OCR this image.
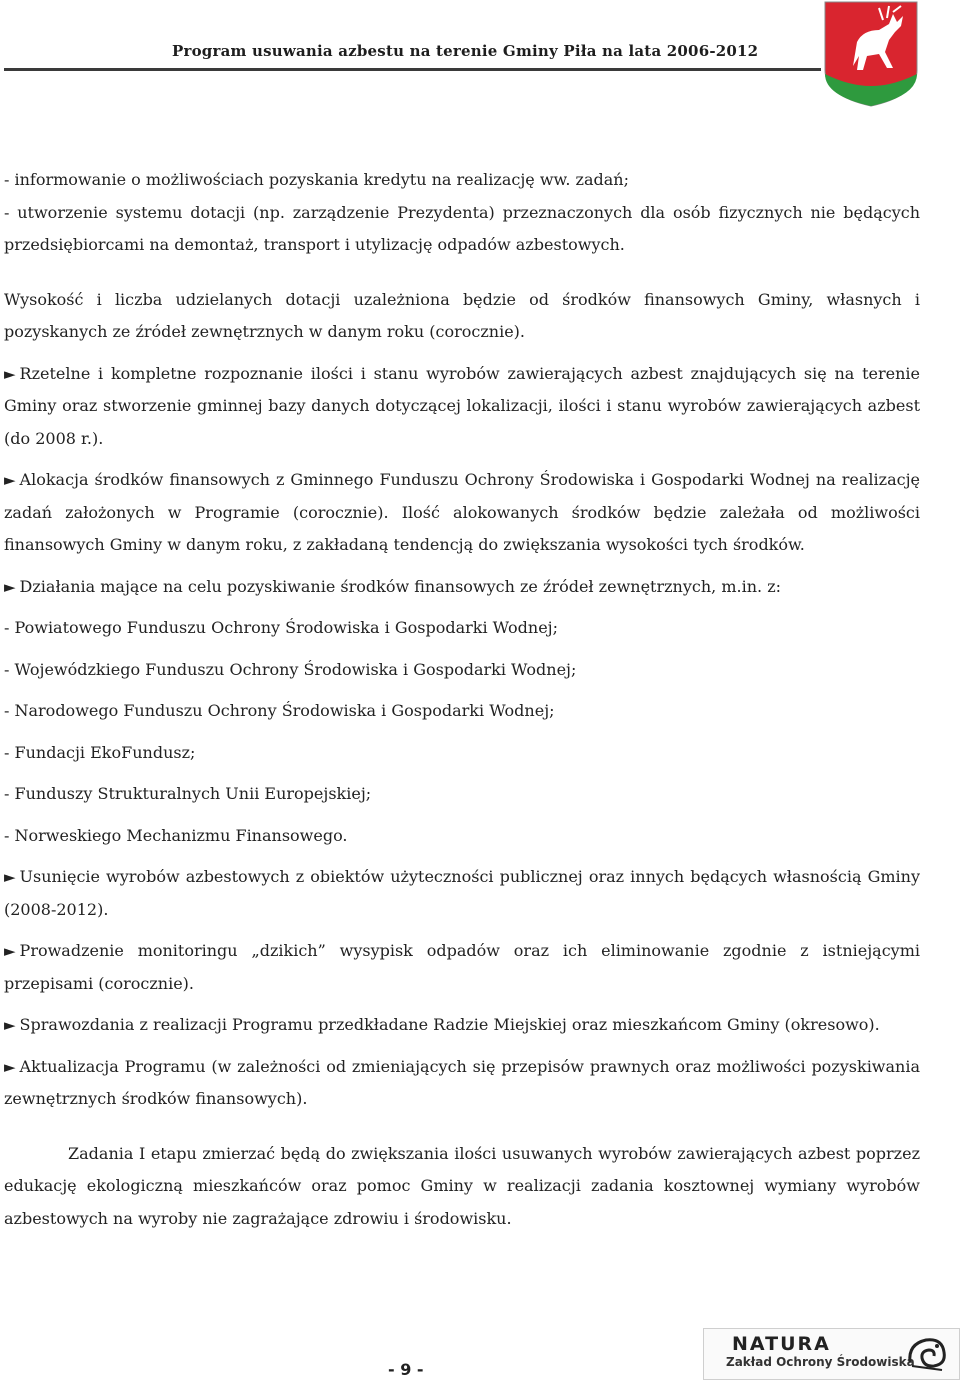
Program usuwania azbestu na terenie Gminy Piła na lata 2006-2012

- informowanie o możliwościach pozyskania kredytu na realizację ww. zadań;

- utworzenie systemu dotacji (np. zarządzenie Prezydenta) przeznaczonych dla osób fizycznych nie będących przedsiębiorcami na demontaż, transport i utylizację odpadów azbestowych.

Wysokość i liczba udzielanych dotacji uzależniona będzie od środków finansowych Gminy, własnych i pozyskanych ze źródeł zewnętrznych w danym roku (corocznie).

► Rzetelne i kompletne rozpoznanie ilości i stanu wyrobów zawierających azbest znajdujących się na terenie Gminy oraz stworzenie gminnej bazy danych dotyczącej lokalizacji, ilości i stanu wyrobów zawierających azbest (do 2008 r.).

► Alokacja środków finansowych z Gminnego Funduszu Ochrony Środowiska i Gospodarki Wodnej na realizację zadań założonych w Programie (corocznie). Ilość alokowanych środków będzie zależała od możliwości finansowych Gminy w danym roku, z zakładaną tendencją do zwiększania wysokości tych środków.

► Działania mające na celu pozyskiwanie środków finansowych ze źródeł zewnętrznych, m.in. z:

- Powiatowego Funduszu Ochrony Środowiska i Gospodarki Wodnej;

- Wojewódzkiego Funduszu Ochrony Środowiska i Gospodarki Wodnej;

- Narodowego Funduszu Ochrony Środowiska i Gospodarki Wodnej;

- Fundacji EkoFundusz;

- Funduszy Strukturalnych Unii Europejskiej;

- Norweskiego Mechanizmu Finansowego.

► Usunięcie wyrobów azbestowych z obiektów użyteczności publicznej oraz innych będących własnością Gminy (2008-2012).

► Prowadzenie monitoringu „dzikich” wysypisk odpadów oraz ich eliminowanie zgodnie z istniejącymi przepisami (corocznie).

► Sprawozdania z realizacji Programu przedkładane Radzie Miejskiej oraz mieszkańcom Gminy (okresowo).

► Aktualizacja Programu (w zależności od zmieniających się przepisów prawnych oraz możliwości pozyskiwania zewnętrznych środków finansowych).

Zadania I etapu zmierzać będą do zwiększania ilości usuwanych wyrobów zawierających azbest poprzez edukację ekologiczną mieszkańców oraz pomoc Gminy w realizacji zadania kosztownej wymiany wyrobów azbestowych na wyroby nie zagrażające zdrowiu i środowisku.

- 9 -
NATURA
Zakład Ochrony Środowiska
